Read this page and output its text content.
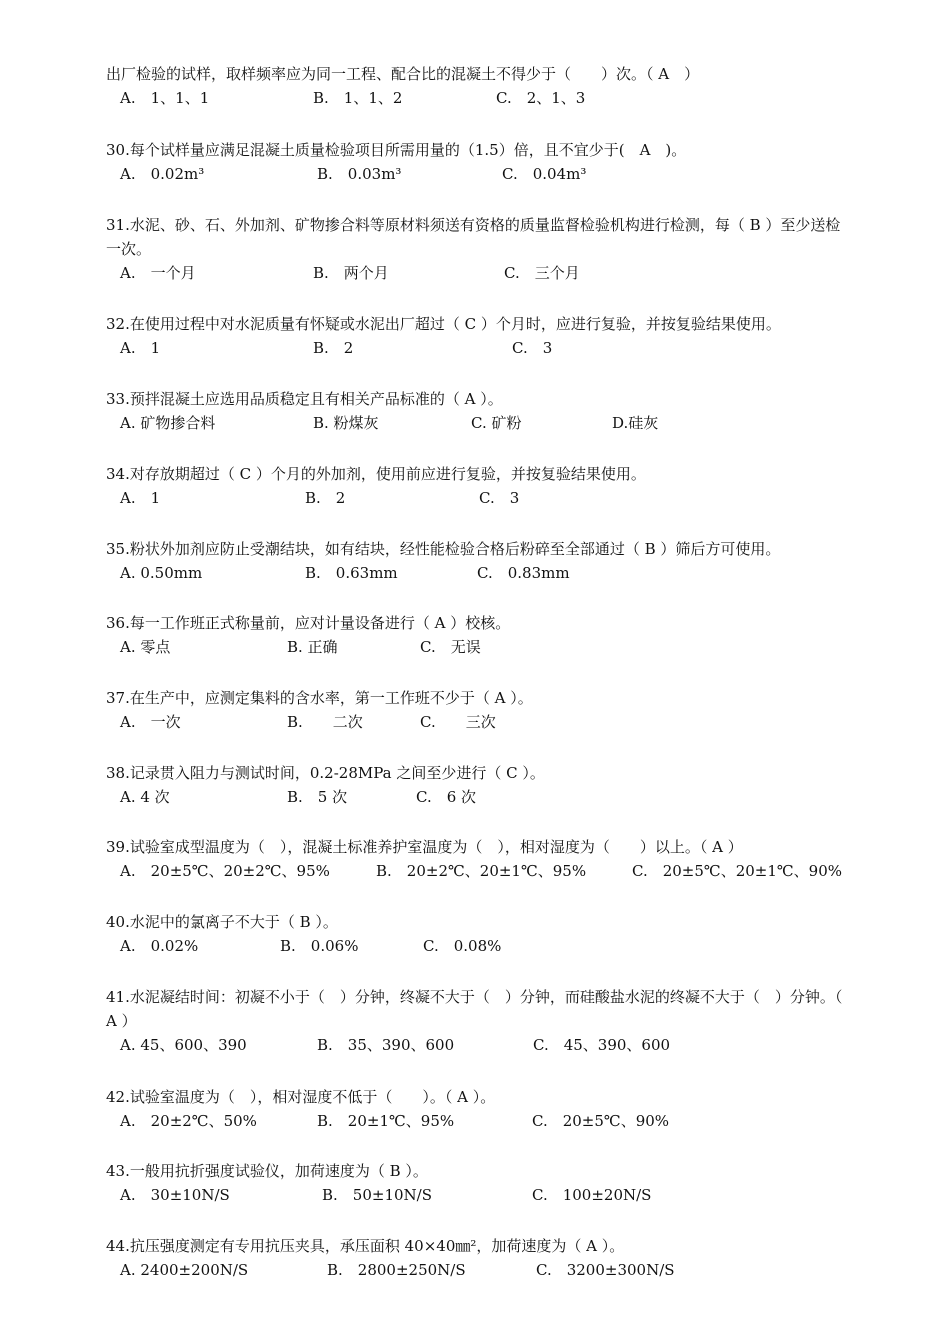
出厂检验的试样，取样频率应为同一工程、配合比的混凝土不得少于（　　）次。（ A　）
A.　1、1、1	B.　1、1、2	C.　2、1、3
30.每个试样量应满足混凝土质量检验项目所需用量的（1.5）倍，且不宜少于(　A　)。
A.　0.02m³	B.　0.03m³	C.　0.04m³
31.水泥、砂、石、外加剂、矿物掺合料等原材料须送有资格的质量监督检验机构进行检测，每（ B ）至少送检一次。
A.　一个月	B.　两个月	C.　三个月
32.在使用过程中对水泥质量有怀疑或水泥出厂超过（ C ）个月时，应进行复验，并按复验结果使用。
A.　1	B.　2	C.　3
33.预拌混凝土应选用品质稳定且有相关产品标准的（ A ）。
A. 矿物掺合料	B. 粉煤灰	C. 矿粉	D.硅灰
34.对存放期超过（ C ）个月的外加剂，使用前应进行复验，并按复验结果使用。
A.　1	B.　2	C.　3
35.粉状外加剂应防止受潮结块，如有结块，经性能检验合格后粉碎至全部通过（ B ）筛后方可使用。
A. 0.50mm	B.　0.63mm	C.　0.83mm
36.每一工作班正式称量前，应对计量设备进行（ A ）校核。
A. 零点	B. 正确	C.　无误
37.在生产中，应测定集料的含水率，第一工作班不少于（ A ）。
A.　一次	B.　　二次	C.　　三次
38.记录贯入阻力与测试时间，0.2-28MPa 之间至少进行（ C ）。
A. 4 次	B.　5 次	C.　6 次
39.试验室成型温度为（　），混凝土标准养护室温度为（　），相对湿度为（　　）以上。（ A ）
A.　20±5℃、20±2℃、95%	B.　20±2℃、20±1℃、95%	C.　20±5℃、20±1℃、90%
40.水泥中的氯离子不大于（ B ）。
A.　0.02%	B.　0.06%	C.　0.08%
41.水泥凝结时间：初凝不小于（　）分钟，终凝不大于（　）分钟，而硅酸盐水泥的终凝不大于（　）分钟。（ A ）
A. 45、600、390	B.　35、390、600	C.　45、390、600
42.试验室温度为（　），相对湿度不低于（　　）。（ A ）。
A.　20±2℃、50%	B.　20±1℃、95%	C.　20±5℃、90%
43.一般用抗折强度试验仪，加荷速度为（ B ）。
A.　30±10N/S	B.　50±10N/S	C.　100±20N/S
44.抗压强度测定有专用抗压夹具，承压面积 40×40㎜²，加荷速度为（ A ）。
A. 2400±200N/S	B.　2800±250N/S	C.　3200±300N/S
